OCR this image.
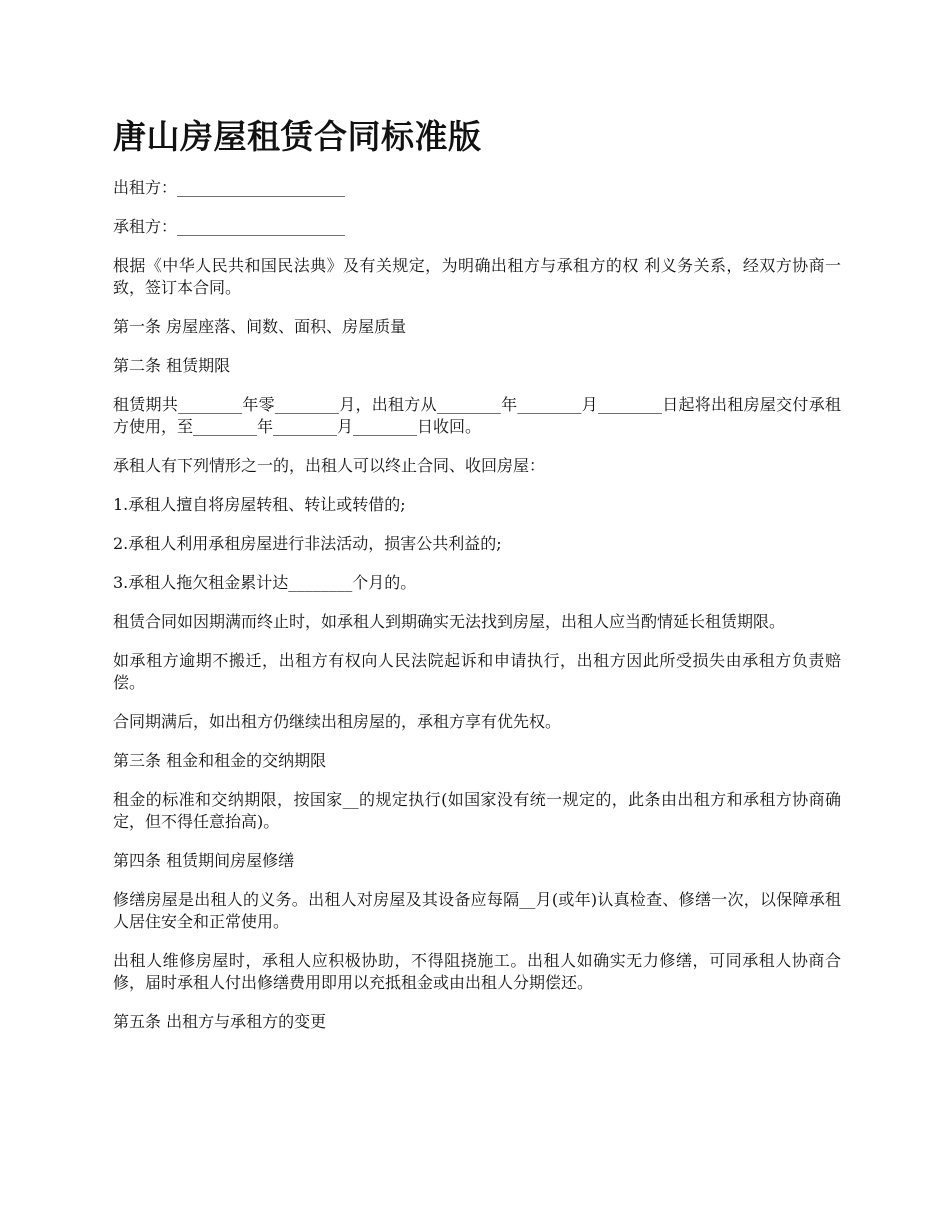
唐山房屋租赁合同标准版

出租方：_____________________

承租方：_____________________

根据《中华人民共和国民法典》及有关规定，为明确出租方与承租方的权 利义务关系，经双方协商一致，签订本合同。

第一条 房屋座落、间数、面积、房屋质量

第二条 租赁期限

租赁期共________年零________月，出租方从________年________月________日起将出租房屋交付承租方使用，至________年________月________日收回。

承租人有下列情形之一的，出租人可以终止合同、收回房屋：

1.承租人擅自将房屋转租、转让或转借的;

2.承租人利用承租房屋进行非法活动，损害公共利益的;

3.承租人拖欠租金累计达________个月的。

租赁合同如因期满而终止时，如承租人到期确实无法找到房屋，出租人应当酌情延长租赁期限。

如承租方逾期不搬迁，出租方有权向人民法院起诉和申请执行，出租方因此所受损失由承租方负责赔偿。

合同期满后，如出租方仍继续出租房屋的，承租方享有优先权。

第三条 租金和租金的交纳期限

租金的标准和交纳期限，按国家__的规定执行(如国家没有统一规定的，此条由出租方和承租方协商确定，但不得任意抬高)。

第四条 租赁期间房屋修缮

修缮房屋是出租人的义务。出租人对房屋及其设备应每隔__月(或年)认真检查、修缮一次，以保障承租人居住安全和正常使用。

出租人维修房屋时，承租人应积极协助，不得阻挠施工。出租人如确实无力修缮，可同承租人协商合修，届时承租人付出修缮费用即用以充抵租金或由出租人分期偿还。

第五条 出租方与承租方的变更
